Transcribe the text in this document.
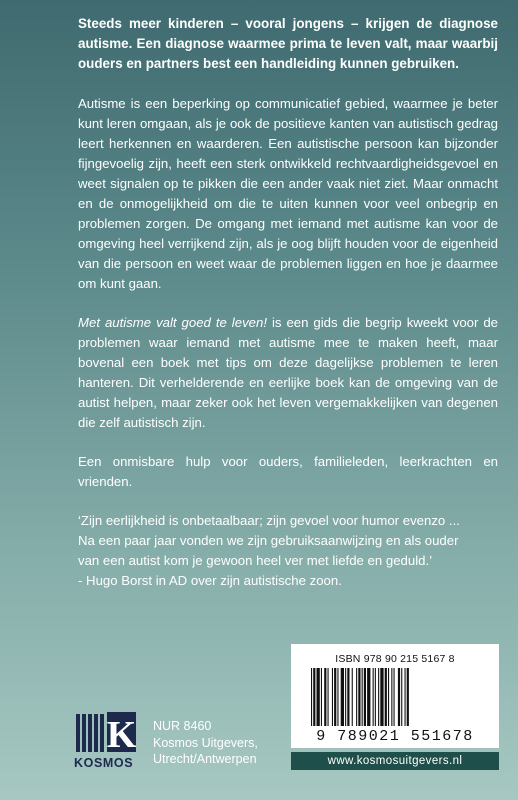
Steeds meer kinderen – vooral jongens – krijgen de diagnose autisme. Een diagnose waarmee prima te leven valt, maar waarbij ouders en partners best een handleiding kunnen gebruiken.

Autisme is een beperking op communicatief gebied, waarmee je beter kunt leren omgaan, als je ook de positieve kanten van autistisch gedrag leert herkennen en waarderen. Een autistische persoon kan bijzonder fijngevoelig zijn, heeft een sterk ontwikkeld rechtvaardigheidsgevoel en weet signalen op te pikken die een ander vaak niet ziet. Maar onmacht en de onmogelijkheid om die te uiten kunnen voor veel onbegrip en problemen zorgen. De omgang met iemand met autisme kan voor de omgeving heel verrijkend zijn, als je oog blijft houden voor de eigenheid van die persoon en weet waar de problemen liggen en hoe je daarmee om kunt gaan.

Met autisme valt goed te leven! is een gids die begrip kweekt voor de problemen waar iemand met autisme mee te maken heeft, maar bovenal een boek met tips om deze dagelijkse problemen te leren hanteren. Dit verhelderende en eerlijke boek kan de omgeving van de autist helpen, maar zeker ook het leven vergemakkelijken van degenen die zelf autistisch zijn.

Een onmisbare hulp voor ouders, familieleden, leerkrachten en vrienden.

‘Zijn eerlijkheid is onbetaalbaar; zijn gevoel voor humor evenzo ...
Na een paar jaar vonden we zijn gebruiksaanwijzing en als ouder
van een autist kom je gewoon heel ver met liefde en geduld.’
- Hugo Borst in AD over zijn autistische zoon.
K
KOSMOS
NUR 8460
Kosmos Uitgevers,
Utrecht/Antwerpen
ISBN 978 90 215 5167 8
9 789021 551678
www.kosmosuitgevers.nl
